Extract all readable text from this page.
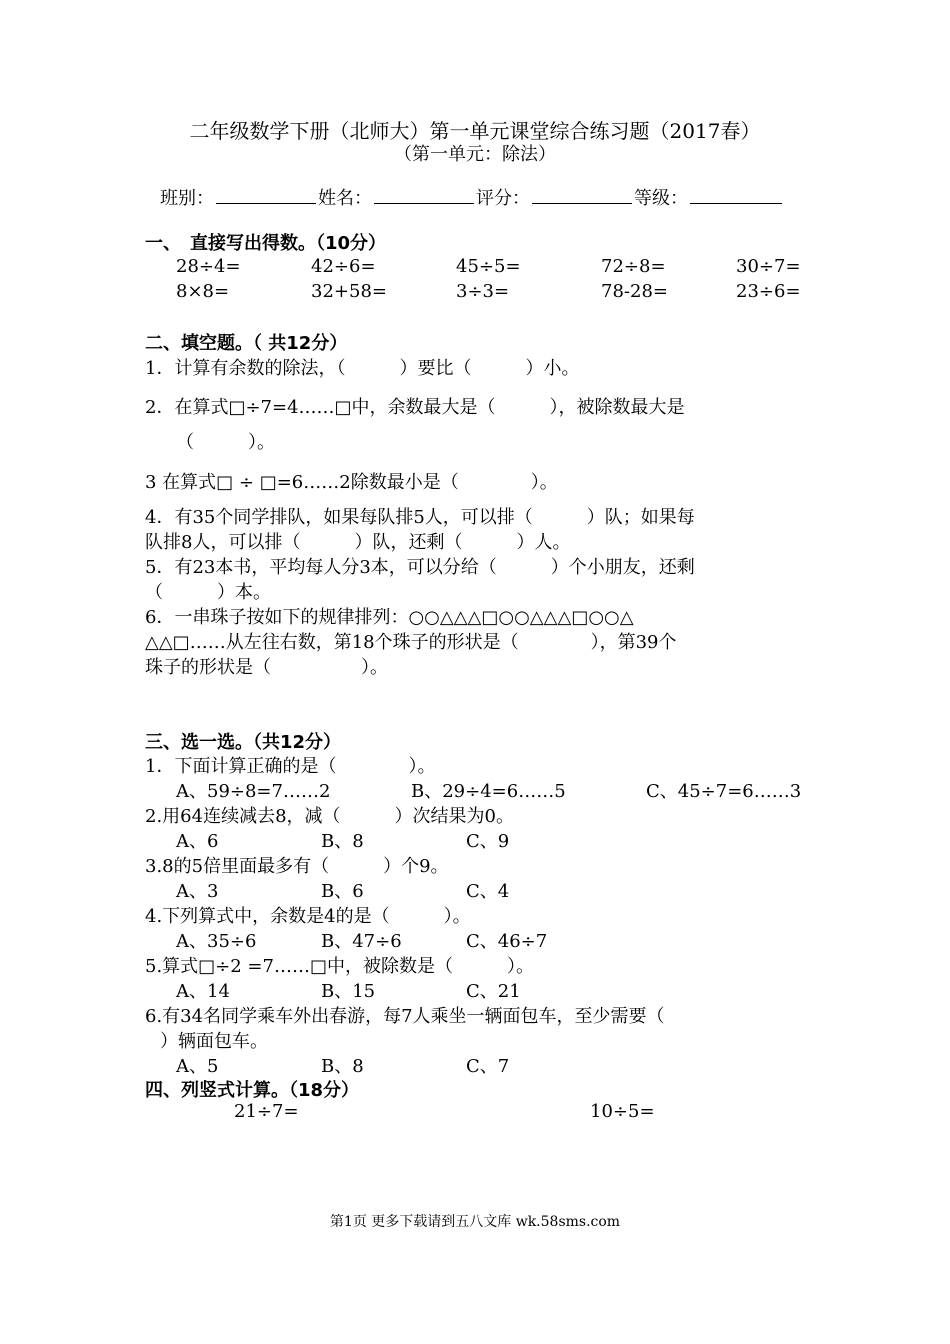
二年级数学下册（北师大）第一单元课堂综合练习题（2017春）
（第一单元：除法）
班别：	姓名：	评分：	等级：
一、　直接写出得数。（10分）
28÷4=	42÷6=	45÷5=	72÷8=	30÷7=
8×8=	32+58=	3÷3=	78-28=	23÷6=
二、填空题。（ 共12分）
1．计算有余数的除法，（　　　）要比（　　　）小。
2．在算式□÷7=4……□中，余数最大是（　　　），被除数最大是
（　　　）。
3 在算式□ ÷ □=6……2除数最小是（　　　　）。
4．有35个同学排队，如果每队排5人，可以排（　　　）队；如果每
队排8人，可以排（　　　）队，还剩（　　　）人。
5．有23本书，平均每人分3本，可以分给（　　　）个小朋友，还剩
（　　　）本。
6．一串珠子按如下的规律排列：○○△△△□○○△△△□○○△
△△□……从左往右数，第18个珠子的形状是（　　　　），第39个
珠子的形状是（　　　　　）。
三、选一选。（共12分）
1．下面计算正确的是（　　　　）。
A、59÷8=7……2	B、29÷4=6……5	C、45÷7=6……3
2.用64连续减去8，减（　　　）次结果为0。
A、6	B、8	C、9
3.8的5倍里面最多有（　　　）个9。
A、3	B、6	C、4
4.下列算式中，余数是4的是（　　　）。
A、35÷6	B、47÷6	C、46÷7
5.算式□÷2 =7……□中，被除数是（　　　）。
A、14	B、15	C、21
6.有34名同学乘车外出春游，每7人乘坐一辆面包车，至少需要（
）辆面包车。
A、5	B、8	C、7
四、列竖式计算。（18分）
21÷7=	10÷5=
第1页 更多下载请到五八文库 wk.58sms.com
